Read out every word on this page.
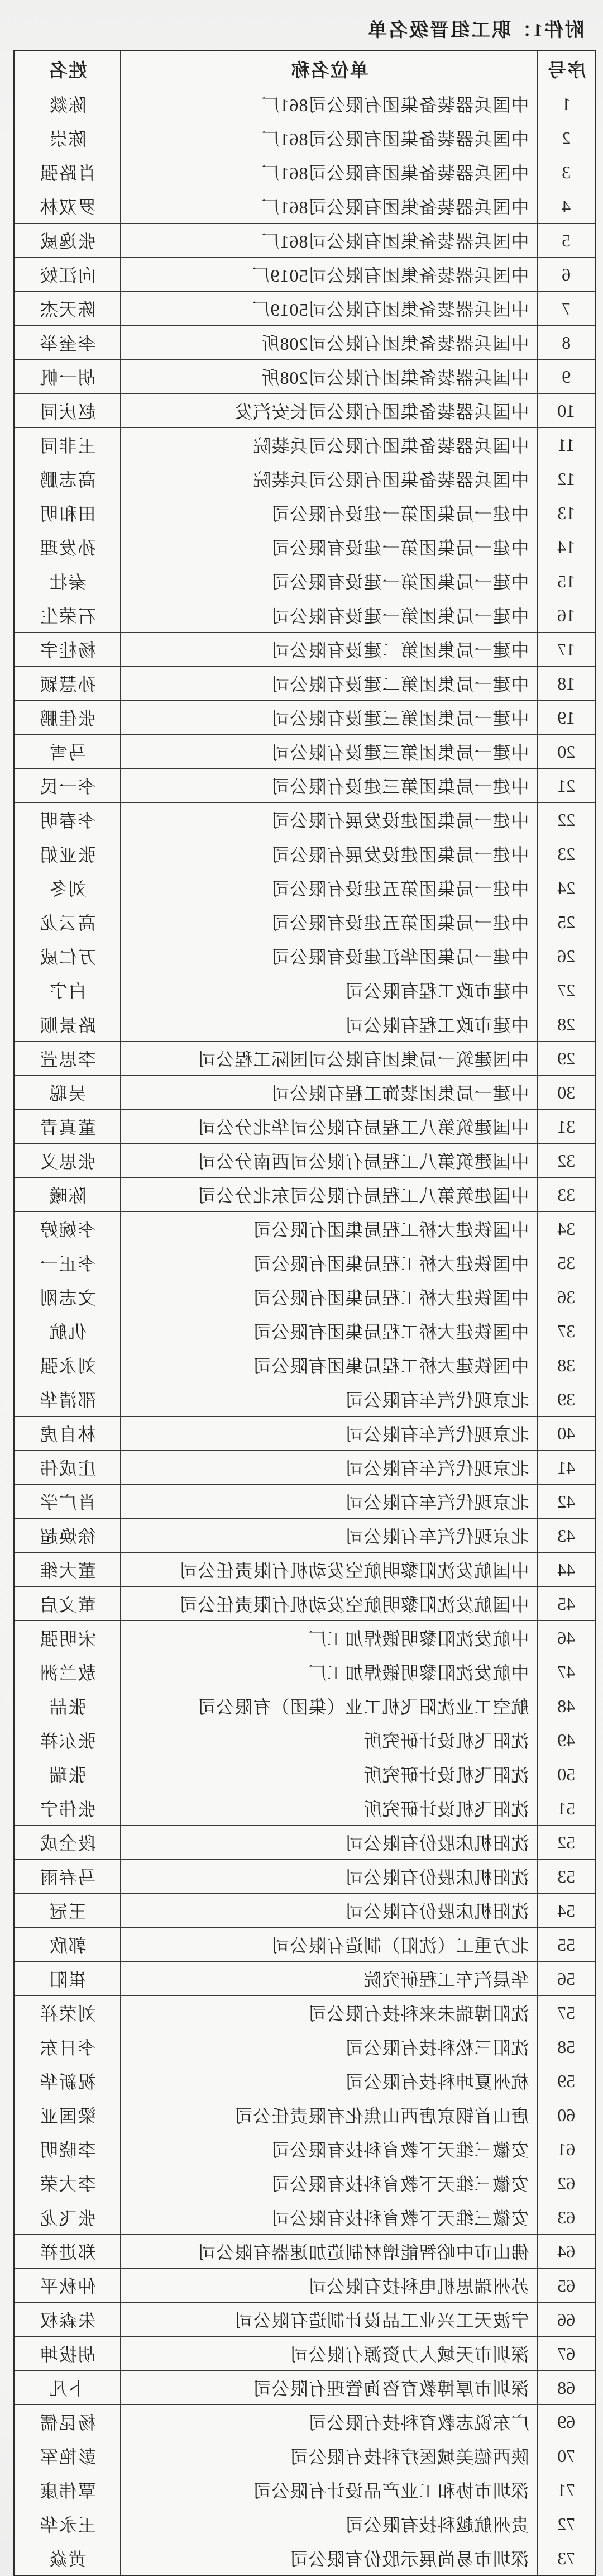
附件1：职工组晋级名单
序号	单位名称	姓名
1	中国兵器装备集团有限公司861厂	陈燚
2	中国兵器装备集团有限公司861厂	陈崇
3	中国兵器装备集团有限公司861厂	肖路强
4	中国兵器装备集团有限公司861厂	罗双林
5	中国兵器装备集团有限公司861厂	张逸威
6	中国兵器装备集团有限公司5019厂	向江姣
7	中国兵器装备集团有限公司5019厂	陈天杰
8	中国兵器装备集团有限公司208所	李奎举
9	中国兵器装备集团有限公司208所	胡一帆
10	中国兵器装备集团有限公司长安汽发	赵庆同
11	中国兵器装备集团有限公司兵装院	王非同
12	中国兵器装备集团有限公司兵装院	高志鹏
13	中建一局集团第一建设有限公司	田和明
14	中建一局集团第一建设有限公司	孙发理
15	中建一局集团第一建设有限公司	秦壮
16	中建一局集团第一建设有限公司	石荣生
17	中建一局集团第二建设有限公司	杨桂宇
18	中建一局集团第二建设有限公司	孙慧颖
19	中建一局集团第三建设有限公司	张佳鹏
20	中建一局集团第三建设有限公司	马雪
21	中建一局集团第三建设有限公司	李一民
22	中建一局集团建设发展有限公司	李春明
23	中建一局集团建设发展有限公司	张亚娟
24	中建一局集团第五建设有限公司	刘冬
25	中建一局集团第五建设有限公司	高云龙
26	中建一局集团华江建设有限公司	万仁威
27	中建市政工程有限公司	白宇
28	中建市政工程有限公司	路景顺
29	中国建筑一局集团有限公司国际工程公司	李思萱
30	中建一局集团装饰工程有限公司	吴聪
31	中国建筑第八工程局有限公司华北分公司	董真青
32	中国建筑第八工程局有限公司西南分公司	张思义
33	中国建筑第八工程局有限公司东北分公司	陈曦
34	中国铁建大桥工程局集团有限公司	李婉婷
35	中国铁建大桥工程局集团有限公司	李正一
36	中国铁建大桥工程局集团有限公司	文志刚
37	中国铁建大桥工程局集团有限公司	仇航
38	中国铁建大桥工程局集团有限公司	刘永强
39	北京现代汽车有限公司	邵清华
40	北京现代汽车有限公司	林自虎
41	北京现代汽车有限公司	庄成伟
42	北京现代汽车有限公司	肖广学
43	北京现代汽车有限公司	徐焕超
44	中国航发沈阳黎明航空发动机有限责任公司	董大维
45	中国航发沈阳黎明航空发动机有限责任公司	董文启
46	中航发沈阳黎明锻焊加工厂	宋明强
47	中航发沈阳黎明锻焊加工厂	敖兰洲
48	航空工业沈阳飞机工业（集团）有限公司	张喆
49	沈阳飞机设计研究所	张东祥
50	沈阳飞机设计研究所	张瑞
51	沈阳飞机设计研究所	张伟宁
52	沈阳机床股份有限公司	段全成
53	沈阳机床股份有限公司	马春雨
54	沈阳机床股份有限公司	王冠
55	北方重工（沈阳）制造有限公司	郭欣
56	华晨汽车工程研究院	崔阳
57	沈阳博瑞未来科技有限公司	刘荣祥
58	沈阳三松科技有限公司	李日东
59	杭州夏坤科技有限公司	祝新华
60	唐山首钢京唐西山焦化有限责任公司	梁国亚
61	安徽三维天下教育科技有限公司	李晓明
62	安徽三维天下教育科技有限公司	李大荣
63	安徽三维天下教育科技有限公司	张飞龙
64	佛山市中峪智能增材制造加速器有限公司	郑进祥
65	苏州瑞思机电科技有限公司	仲秋平
66	宁波天工兴业工品设计制造有限公司	朱森权
67	深圳市天域人力资源有限公司	胡拔坤
68	深圳市厚博教育咨询管理有限公司	卜凡
69	广东锐志教育科技有限公司	杨昆儒
70	陕西德美城医疗科技有限公司	彭艳军
71	深圳市协和工业产品设计有限公司	覃伟康
72	贵州航越科技有限公司	王永华
73	深圳市易尚展示股份有限公司	黄焱
